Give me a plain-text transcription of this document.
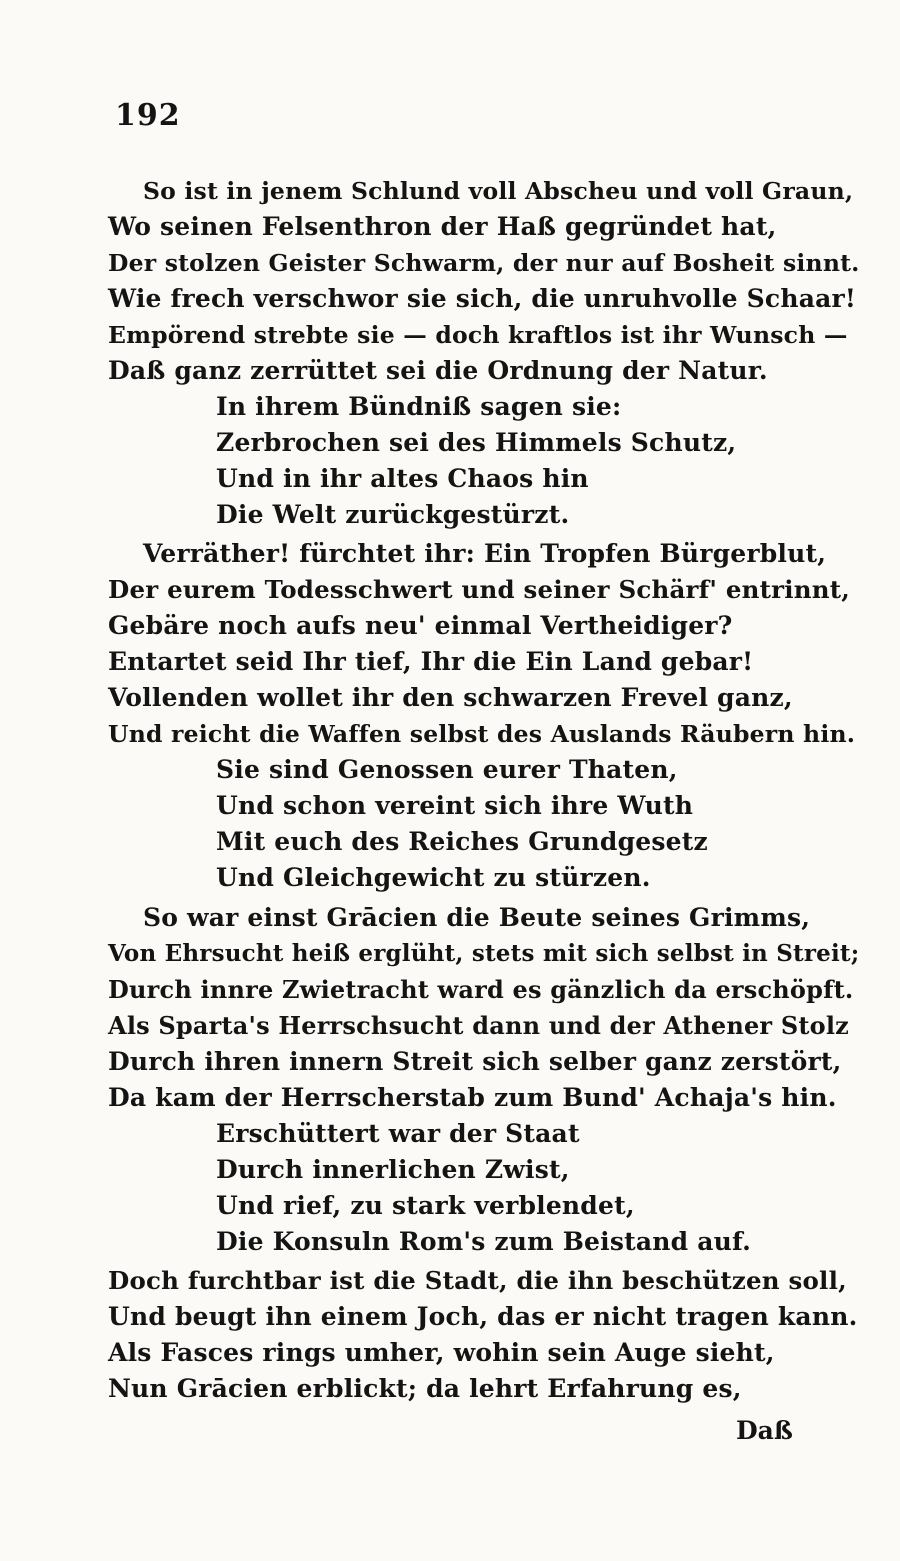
192
So ist in jenem Schlund voll Abscheu und voll Graun,
Wo seinen Felsenthron der Haß gegründet hat,
Der stolzen Geister Schwarm, der nur auf Bosheit sinnt.
Wie frech verschwor sie sich, die unruhvolle Schaar!
Empörend strebte sie — doch kraftlos ist ihr Wunsch —
Daß ganz zerrüttet sei die Ordnung der Natur.
In ihrem Bündniß sagen sie:
Zerbrochen sei des Himmels Schutz,
Und in ihr altes Chaos hin
Die Welt zurückgestürzt.
Verräther! fürchtet ihr: Ein Tropfen Bürgerblut,
Der eurem Todesschwert und seiner Schärf' entrinnt,
Gebäre noch aufs neu' einmal Vertheidiger?
Entartet seid Ihr tief, Ihr die Ein Land gebar!
Vollenden wollet ihr den schwarzen Frevel ganz,
Und reicht die Waffen selbst des Auslands Räubern hin.
Sie sind Genossen eurer Thaten,
Und schon vereint sich ihre Wuth
Mit euch des Reiches Grundgesetz
Und Gleichgewicht zu stürzen.
So war einst Grācien die Beute seines Grimms,
Von Ehrsucht heiß erglüht, stets mit sich selbst in Streit;
Durch innre Zwietracht ward es gänzlich da erschöpft.
Als Sparta's Herrschsucht dann und der Athener Stolz
Durch ihren innern Streit sich selber ganz zerstört,
Da kam der Herrscherstab zum Bund' Achaja's hin.
Erschüttert war der Staat
Durch innerlichen Zwist,
Und rief, zu stark verblendet,
Die Konsuln Rom's zum Beistand auf.
Doch furchtbar ist die Stadt, die ihn beschützen soll,
Und beugt ihn einem Joch, das er nicht tragen kann.
Als Fasces rings umher, wohin sein Auge sieht,
Nun Grācien erblickt; da lehrt Erfahrung es,
Daß
